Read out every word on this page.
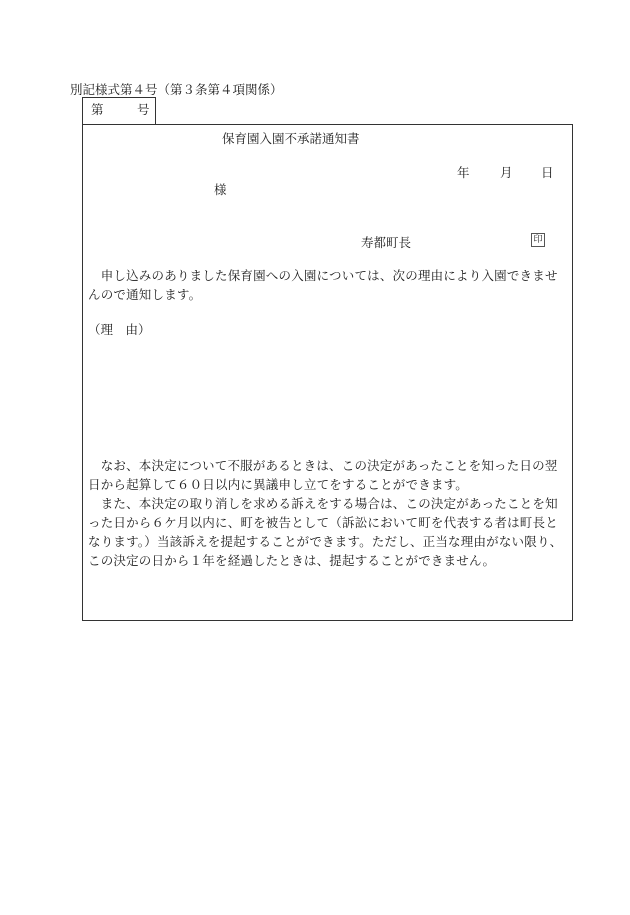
別記様式第４号（第３条第４項関係）
第	号
保育園入園不承諾通知書
年 月 日
様
寿都町長	印
　申し込みのありました保育園への入園については、次の理由により入園できませんので通知します。
（理　由）
　なお、本決定について不服があるときは、この決定があったことを知った日の翌日から起算して６０日以内に異議申し立てをすることができます。
　また、本決定の取り消しを求める訴えをする場合は、この決定があったことを知った日から６ケ月以内に、町を被告として（訴訟において町を代表する者は町長となります。）当該訴えを提起することができます。ただし、正当な理由がない限り、この決定の日から１年を経過したときは、提起することができません。
